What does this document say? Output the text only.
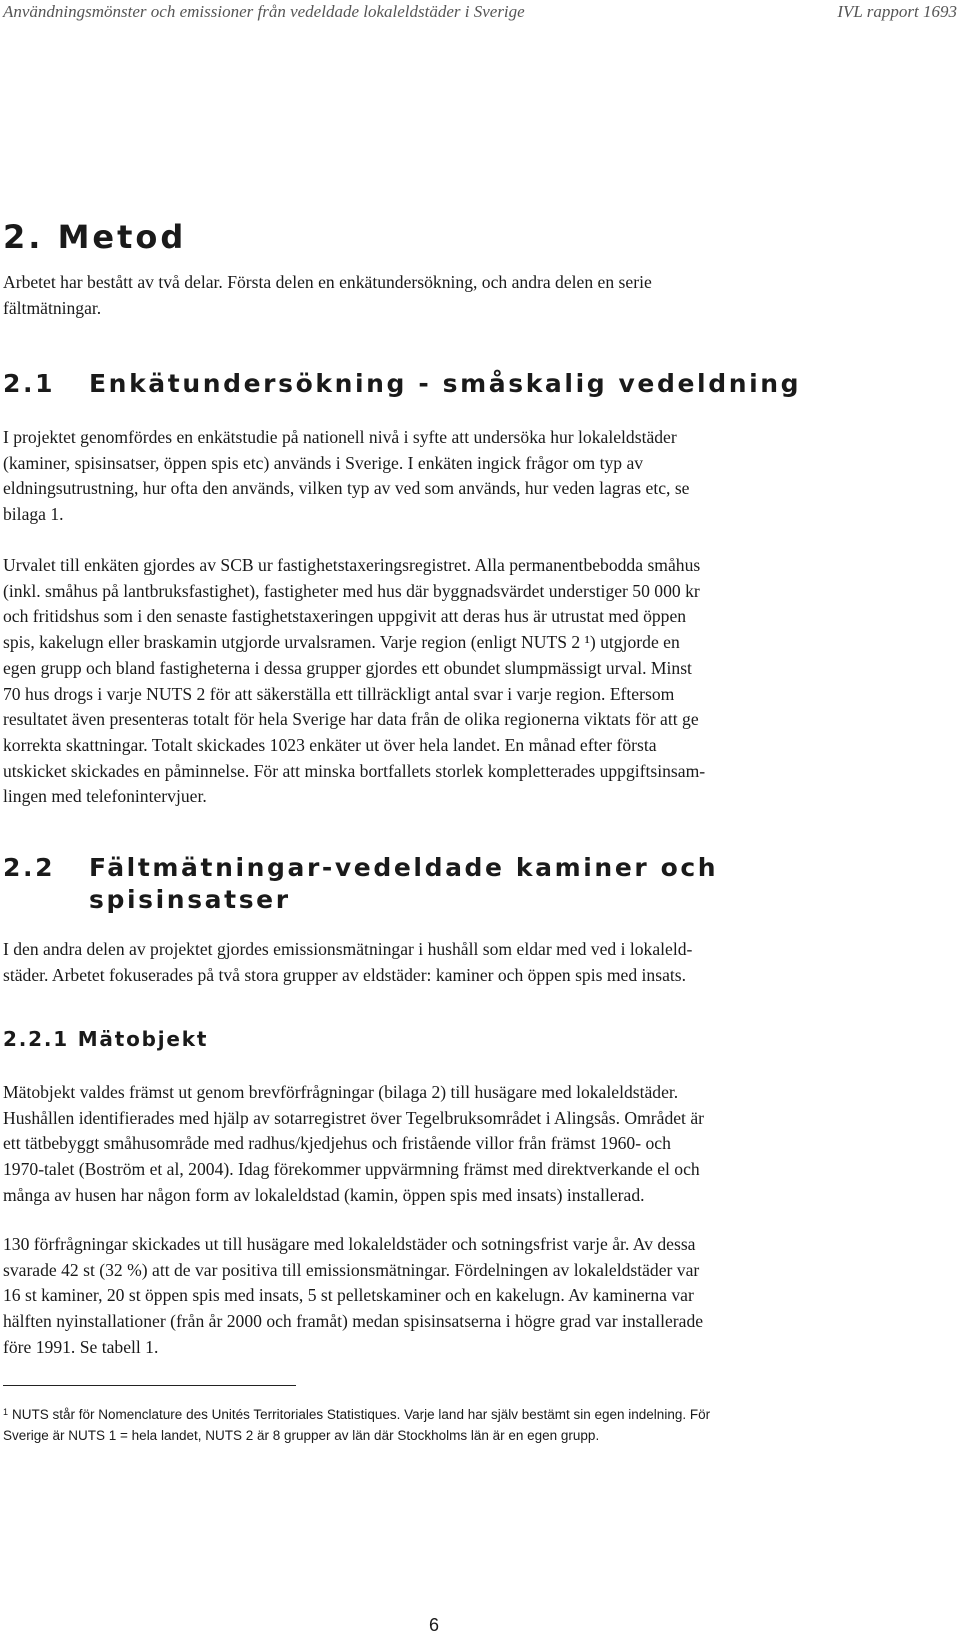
Användningsmönster och emissioner från vedeldade lokaleldstäder i Sverige	IVL rapport 1693
2. Metod
Arbetet har bestått av två delar. Första delen en enkätundersökning, och andra delen en serie
fältmätningar.
2.1 Enkätundersökning - småskalig vedeldning
I projektet genomfördes en enkätstudie på nationell nivå i syfte att undersöka hur lokaleldstäder
(kaminer, spisinsatser, öppen spis etc) används i Sverige. I enkäten ingick frågor om typ av
eldningsutrustning, hur ofta den används, vilken typ av ved som används, hur veden lagras etc, se
bilaga 1.
Urvalet till enkäten gjordes av SCB ur fastighetstaxeringsregistret. Alla permanentbebodda småhus
(inkl. småhus på lantbruksfastighet), fastigheter med hus där byggnadsvärdet understiger 50 000 kr
och fritidshus som i den senaste fastighetstaxeringen uppgivit att deras hus är utrustat med öppen
spis, kakelugn eller braskamin utgjorde urvalsramen. Varje region (enligt NUTS 2 ¹) utgjorde en
egen grupp och bland fastigheterna i dessa grupper gjordes ett obundet slumpmässigt urval. Minst
70 hus drogs i varje NUTS 2 för att säkerställa ett tillräckligt antal svar i varje region. Eftersom
resultatet även presenteras totalt för hela Sverige har data från de olika regionerna viktats för att ge
korrekta skattningar. Totalt skickades 1023 enkäter ut över hela landet. En månad efter första
utskicket skickades en påminnelse. För att minska bortfallets storlek kompletterades uppgiftsinsam-
lingen med telefonintervjuer.
2.2 Fältmätningar-vedeldade kaminer och
spisinsatser
I den andra delen av projektet gjordes emissionsmätningar i hushåll som eldar med ved i lokaleld-
städer. Arbetet fokuserades på två stora grupper av eldstäder: kaminer och öppen spis med insats.
2.2.1 Mätobjekt
Mätobjekt valdes främst ut genom brevförfrågningar (bilaga 2) till husägare med lokaleldstäder.
Hushållen identifierades med hjälp av sotarregistret över Tegelbruksområdet i Alingsås. Området är
ett tätbebyggt småhusområde med radhus/kjedjehus och fristående villor från främst 1960- och
1970-talet (Boström et al, 2004). Idag förekommer uppvärmning främst med direktverkande el och
många av husen har någon form av lokaleldstad (kamin, öppen spis med insats) installerad.
130 förfrågningar skickades ut till husägare med lokaleldstäder och sotningsfrist varje år. Av dessa
svarade 42 st (32 %) att de var positiva till emissionsmätningar. Fördelningen av lokaleldstäder var
16 st kaminer, 20 st öppen spis med insats, 5 st pelletskaminer och en kakelugn. Av kaminerna var
hälften nyinstallationer (från år 2000 och framåt) medan spisinsatserna i högre grad var installerade
före 1991. Se tabell 1.
$^1$ NUTS står för Nomenclature des Unités Territoriales Statistiques. Varje land har själv bestämt sin egen indelning. För
Sverige är NUTS 1 = hela landet, NUTS 2 är 8 grupper av län där Stockholms län är en egen grupp.
6
